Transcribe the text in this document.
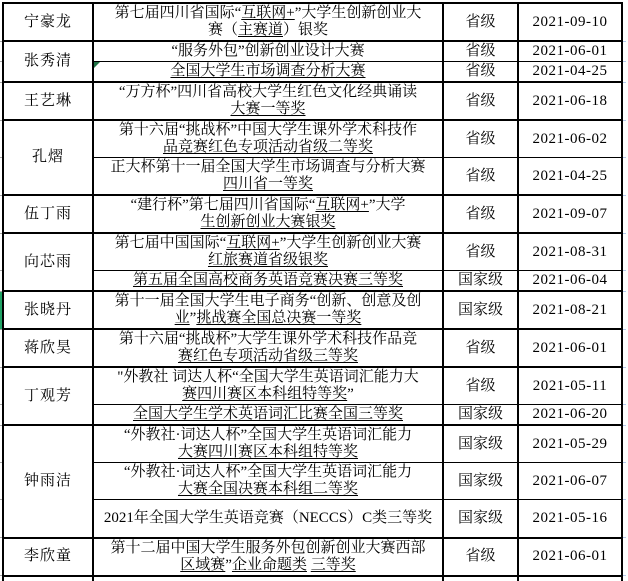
	宁豪龙	第七届四川省国际“互联网+”大学生创新创业大
赛（主赛道）银奖	省级	2021-09-10	
	张秀清	“服务外包”创新创业设计大赛	省级	2021-06-01	

全国大学生市场调查分析大赛	省级	2021-04-25	
	王艺琳	“万方杯”四川省高校大学生红色文化经典诵读
大赛一等奖	省级	2021-06-18	
	孔熠	第十六届“挑战杯”中国大学生课外学术科技作
品竞赛红色专项活动省级二等奖	省级	2021-06-02	
		正大杯第十一届全国大学生市场调查与分析大赛
四川省一等奖	省级	2021-04-25	
	伍丁雨	“建行杯”第七届四川省国际“互联网+”大学
生创新创业大赛银奖	省级	2021-09-07	
	向芯雨	第七届中国国际“互联网+”大学生创新创业大赛
红旅赛道省级银奖	省级	2021-08-31	
		第五届全国高校商务英语竞赛决赛三等奖	国家级	2021-06-04	
	张晓丹	第十一届全国大学生电子商务“创新、创意及创
业”挑战赛全国总决赛一等奖	国家级	2021-08-21	
	蒋欣昊	第十六届“挑战杯”大学生课外学术科技作品竞
赛红色专项活动省级三等奖	省级	2021-06-01	
	丁观芳	"外教社 词达人杯“全国大学生英语词汇能力大
赛四川赛区本科组特等奖”	省级	2021-05-11	
		全国大学生学术英语词汇比赛全国三等奖	国家级	2021-06-20	
	钟雨洁	“外教社·词达人杯”全国大学生英语词汇能力
大赛四川赛区本科组特等奖	国家级	2021-05-29	
		“外教社·词达人杯”全国大学生英语词汇能力
大赛全国决赛本科组二等奖	国家级	2021-06-07	
		2021年全国大学生英语竞赛（NECCS）C类三等奖	国家级	2021-05-16	
	李欣童	第十二届中国大学生服务外包创新创业大赛西部
区域赛”企业命题类 三等奖	省级	2021-06-01	
